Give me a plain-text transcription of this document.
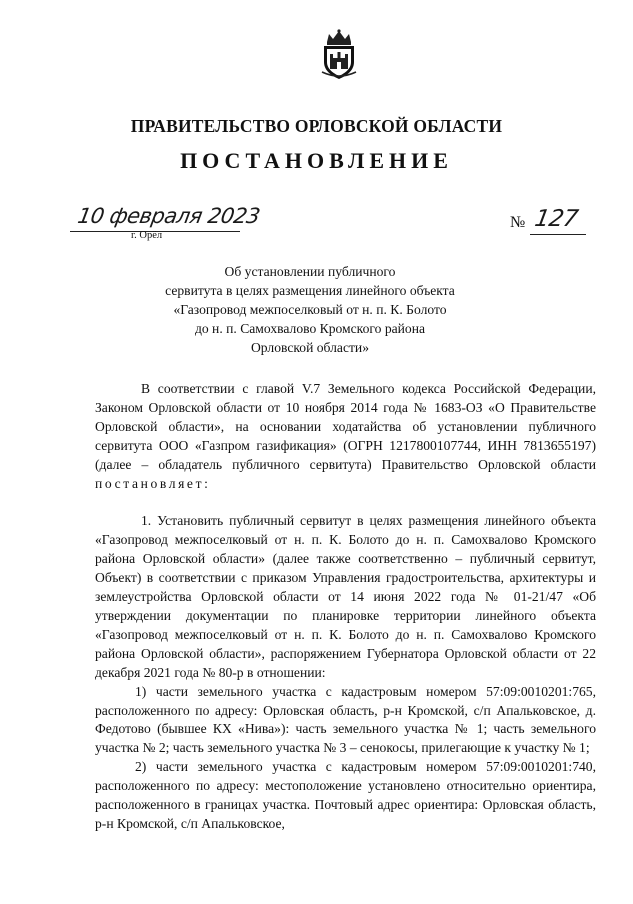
ПРАВИТЕЛЬСТВО ОРЛОВСКОЙ ОБЛАСТИ
ПОСТАНОВЛЕНИЕ
10 февраля 2023
г. Орёл
№ 127
Об установлении публичного
сервитута в целях размещения линейного объекта
«Газопровод межпоселковый от н. п. К. Болото
до н. п. Самохвалово Кромского района
Орловской области»

В соответствии с главой V.7 Земельного кодекса Российской Федерации, Законом Орловской области от 10 ноября 2014 года № 1683-ОЗ «О Правительстве Орловской области», на основании ходатайства об установлении публичного сервитута ООО «Газпром газификация» (ОГРН 1217800107744, ИНН 7813655197) (далее – обладатель публичного сервитута) Правительство Орловской области постановляет:

1. Установить публичный сервитут в целях размещения линейного объекта «Газопровод межпоселковый от н. п. К. Болото до н. п. Самохвалово Кромского района Орловской области» (далее также соответственно – публичный сервитут, Объект) в соответствии с приказом Управления градостроительства, архитектуры и землеустройства Орловской области от 14 июня 2022 года № 01-21/47 «Об утверждении документации по планировке территории линейного объекта «Газопровод межпоселковый от н. п. К. Болото до н. п. Самохвалово Кромского района Орловской области», распоряжением Губернатора Орловской области от 22 декабря 2021 года № 80-р в отношении:

1) части земельного участка с кадастровым номером 57:09:0010201:765, расположенного по адресу: Орловская область, р-н Кромской, с/п Апальковское, д. Федотово (бывшее КХ «Нива»): часть земельного участка № 1; часть земельного участка № 2; часть земельного участка № 3 – сенокосы, прилегающие к участку № 1;

2) части земельного участка с кадастровым номером 57:09:0010201:740, расположенного по адресу: местоположение установлено относительно ориентира, расположенного в границах участка. Почтовый адрес ориентира: Орловская область, р-н Кромской, с/п Апальковское,
